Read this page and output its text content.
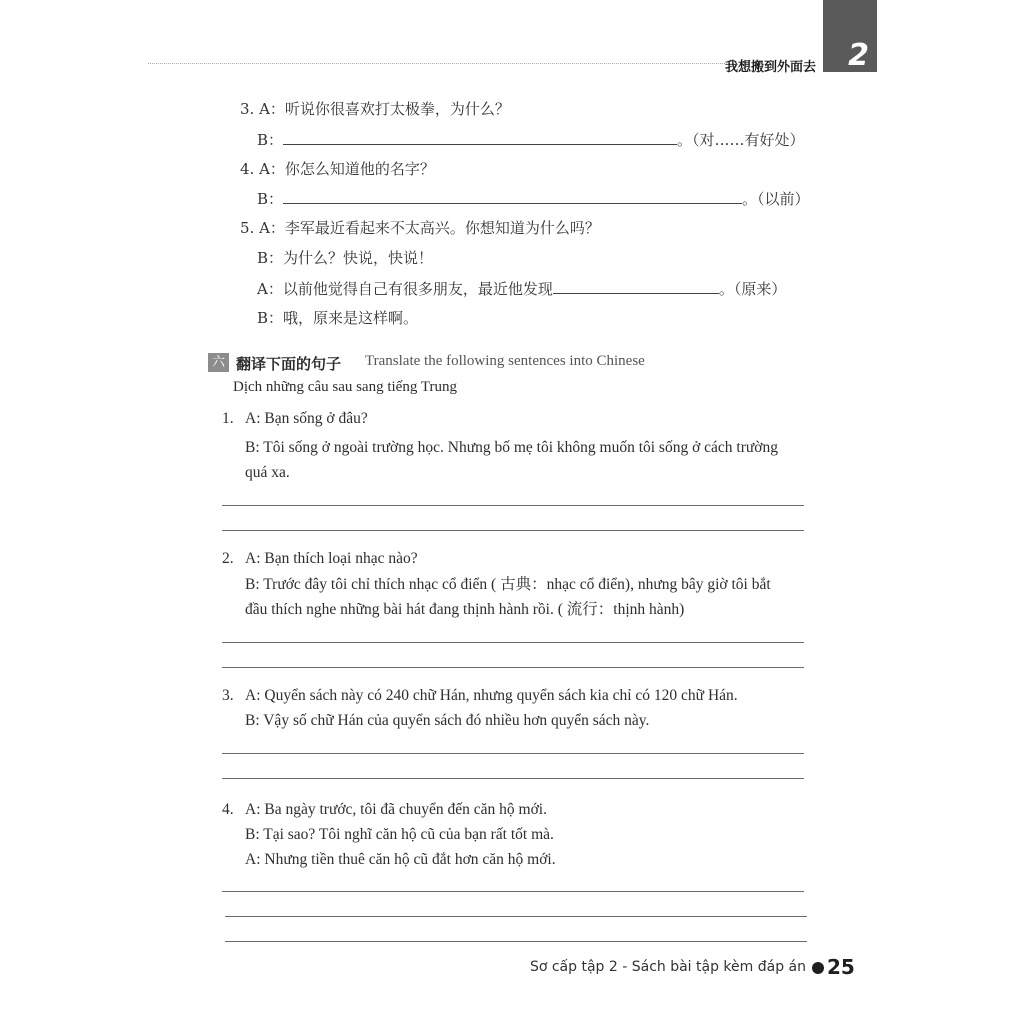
我想搬到外面去 2
3. A：听说你很喜欢打太极拳，为什么？
B：	。（对……有好处）
4. A：你怎么知道他的名字？
B：	。（以前）
5. A：李军最近看起来不太高兴。你想知道为什么吗？
B：为什么？快说，快说！
A：以前他觉得自己有很多朋友，最近他发现	。（原来）
B：哦，原来是这样啊。
六 翻译下面的句子 Translate the following sentences into Chinese
Dịch những câu sau sang tiếng Trung
1. A: Bạn sống ở đâu?
B: Tôi sống ở ngoài trường học. Nhưng bố mẹ tôi không muốn tôi sống ở cách trường
quá xa.
2. A: Bạn thích loại nhạc nào?
B: Trước đây tôi chỉ thích nhạc cổ điển ( 古典：nhạc cổ điển), nhưng bây giờ tôi bắt
đầu thích nghe những bài hát đang thịnh hành rồi. ( 流行：thịnh hành)
3. A: Quyển sách này có 240 chữ Hán, nhưng quyển sách kia chỉ có 120 chữ Hán.
B: Vậy số chữ Hán của quyển sách đó nhiều hơn quyển sách này.
4. A: Ba ngày trước, tôi đã chuyển đến căn hộ mới.
B: Tại sao? Tôi nghĩ căn hộ cũ của bạn rất tốt mà.
A: Nhưng tiền thuê căn hộ cũ đắt hơn căn hộ mới.
Sơ cấp tập 2 - Sách bài tập kèm đáp án 25
